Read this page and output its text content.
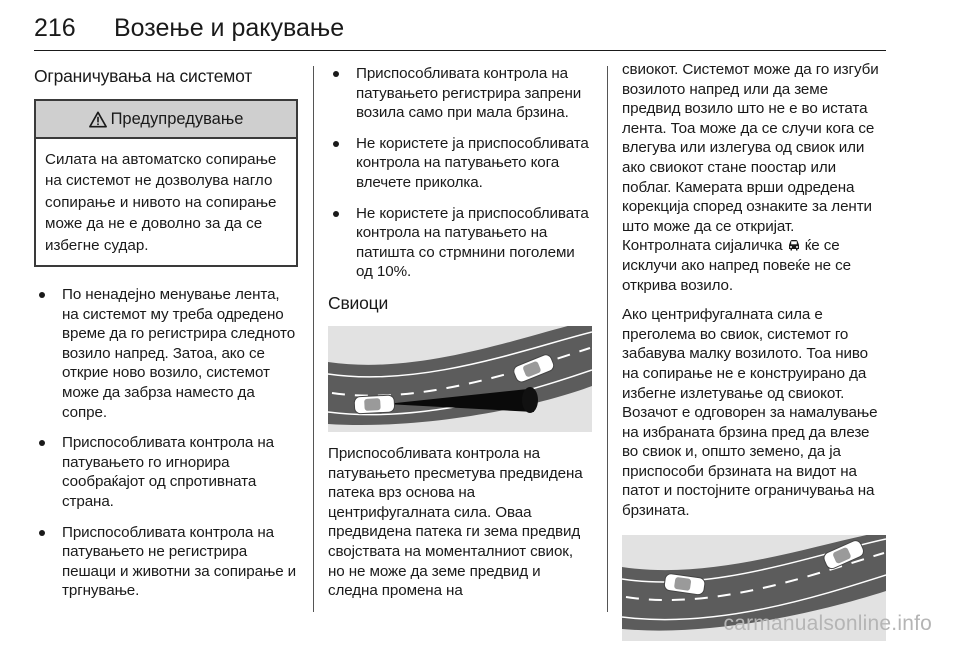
216 Возење и ракување
Ограничувања на системот
Предупредување
Силата на автоматско сопирање на системот не дозволува нагло сопирање и нивото на сопирање може да не е доволно за да се избегне судар.
По ненадејно менување лента, на системот му треба одредено време да го регистрира следното возило напред. Затоа, ако се открие ново возило, системот може да забрза наместо да сопре.
Приспособливата контрола на патувањето го игнорира сообраќајот од спротивната страна.
Приспособливата контрола на патувањето не регистрира пешаци и животни за сопирање и тргнување.
Приспособливата контрола на патувањето регистрира запрени возила само при мала брзина.
Не користете ја приспособливата контрола на патувањето кога влечете приколка.
Не користете ја приспособливата контрола на патувањето на патишта со стрмнини поголеми од 10%.
Свиоци

Приспособливата контрола на патувањето пресметува предвидена патека врз основа на центрифугалната сила. Оваа предвидена патека ги зема предвид својствата на моменталниот свиок, но не може да земе предвид и следна промена на

свиокот. Системот може да го изгуби возилото напред или да земе предвид возило што не е во истата лента. Тоа може да се случи кога се влегува или излегува од свиок или ако свиокот стане поостар или поблаг. Камерата врши одредена корекција според ознаките за ленти што може да се откријат. Контролната сијаличка  ќе се исклучи ако напред повеќе не се открива возило.

Ако центрифугалната сила е преголема во свиок, системот го забавува малку возилото. Тоа ниво на сопирање не е конструирано да избегне излетување од свиокот. Возачот е одговорен за намалување на избраната брзина пред да влезе во свиок и, општо земено, да ја приспособи брзината на видот на патот и постојните ограничувања на брзината.

carmanualsonline.info
